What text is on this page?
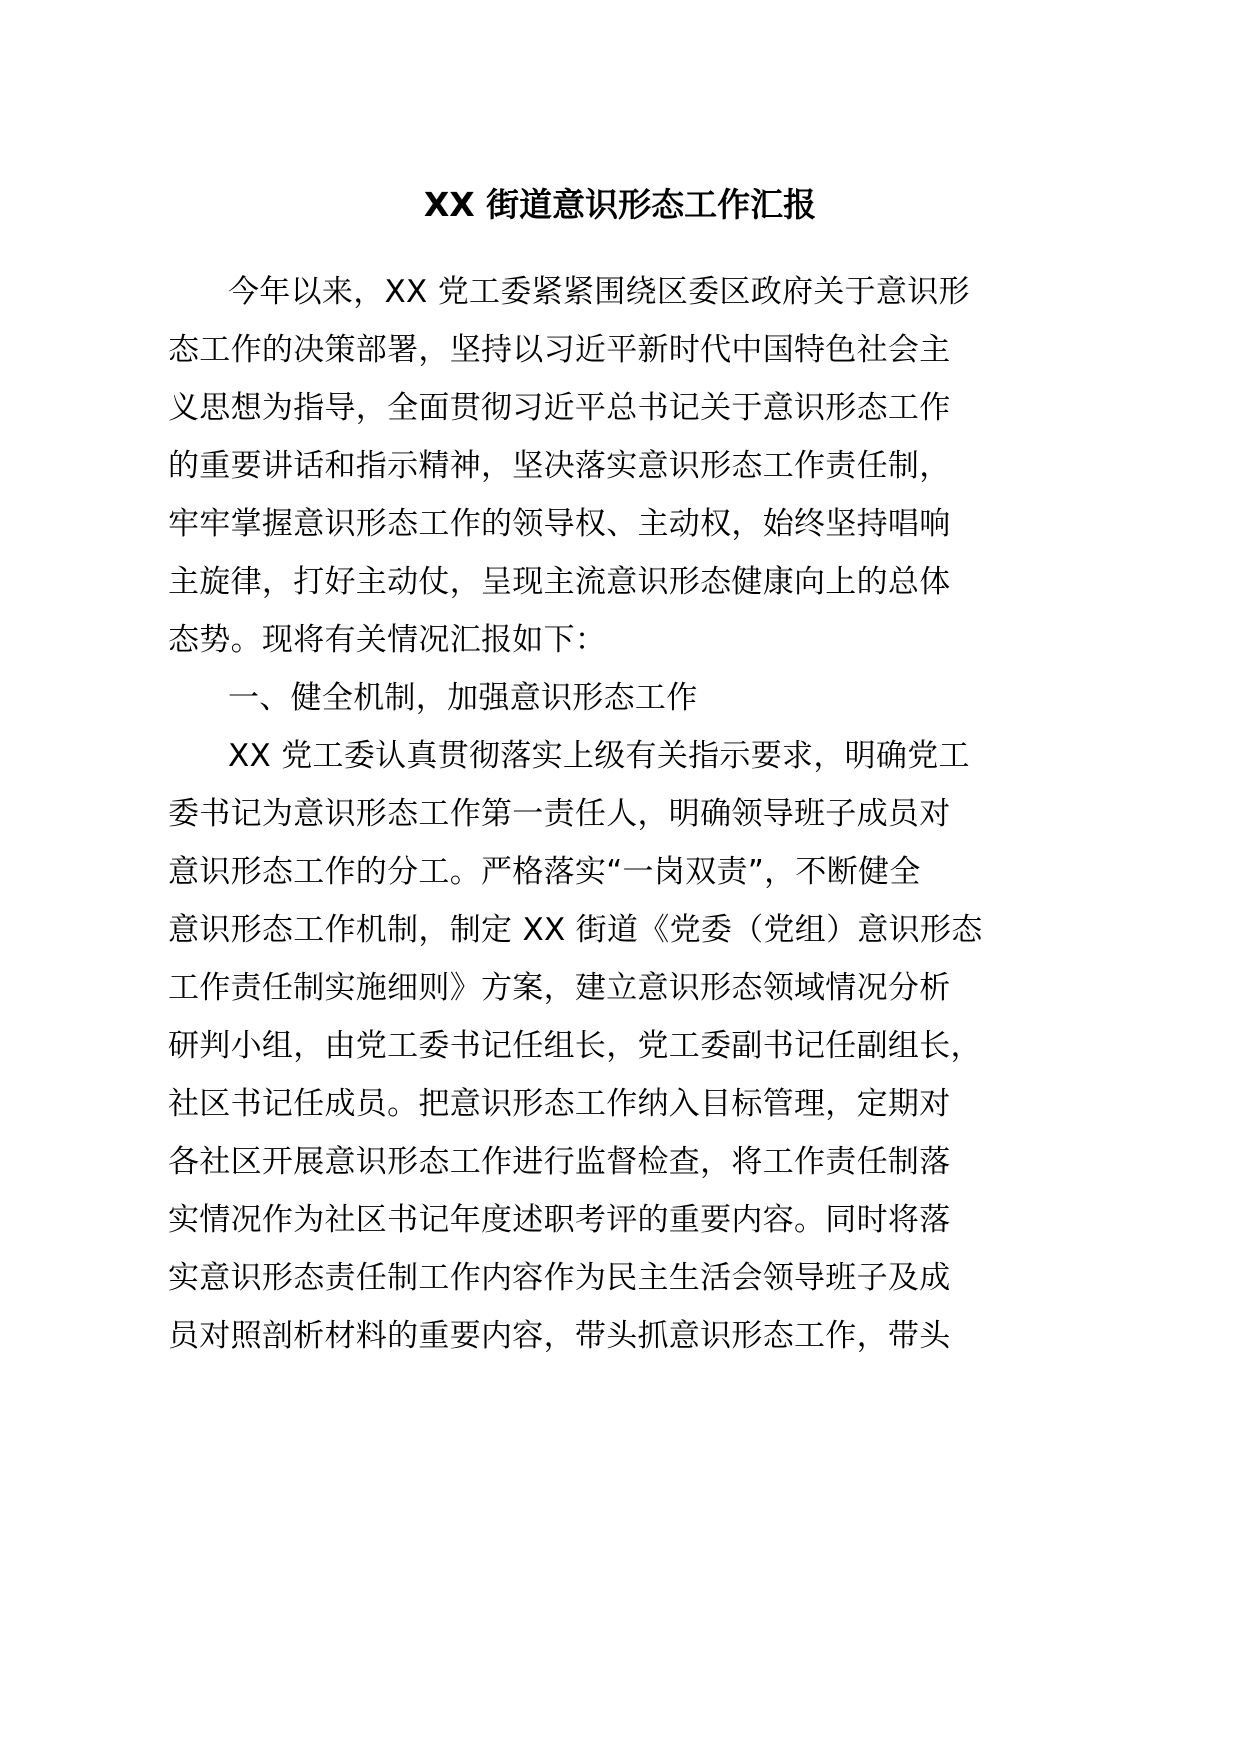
XX 街道意识形态工作汇报
今年以来，XX 党工委紧紧围绕区委区政府关于意识形
态工作的决策部署，坚持以习近平新时代中国特色社会主
义思想为指导，全面贯彻习近平总书记关于意识形态工作
的重要讲话和指示精神，坚决落实意识形态工作责任制，
牢牢掌握意识形态工作的领导权、主动权，始终坚持唱响
主旋律，打好主动仗，呈现主流意识形态健康向上的总体
态势。现将有关情况汇报如下：
一、健全机制，加强意识形态工作
XX 党工委认真贯彻落实上级有关指示要求，明确党工
委书记为意识形态工作第一责任人，明确领导班子成员对
意识形态工作的分工。严格落实“一岗双责”，不断健全
意识形态工作机制，制定 XX 街道《党委（党组）意识形态
工作责任制实施细则》方案，建立意识形态领域情况分析
研判小组，由党工委书记任组长，党工委副书记任副组长，
社区书记任成员。把意识形态工作纳入目标管理，定期对
各社区开展意识形态工作进行监督检查，将工作责任制落
实情况作为社区书记年度述职考评的重要内容。同时将落
实意识形态责任制工作内容作为民主生活会领导班子及成
员对照剖析材料的重要内容，带头抓意识形态工作，带头
